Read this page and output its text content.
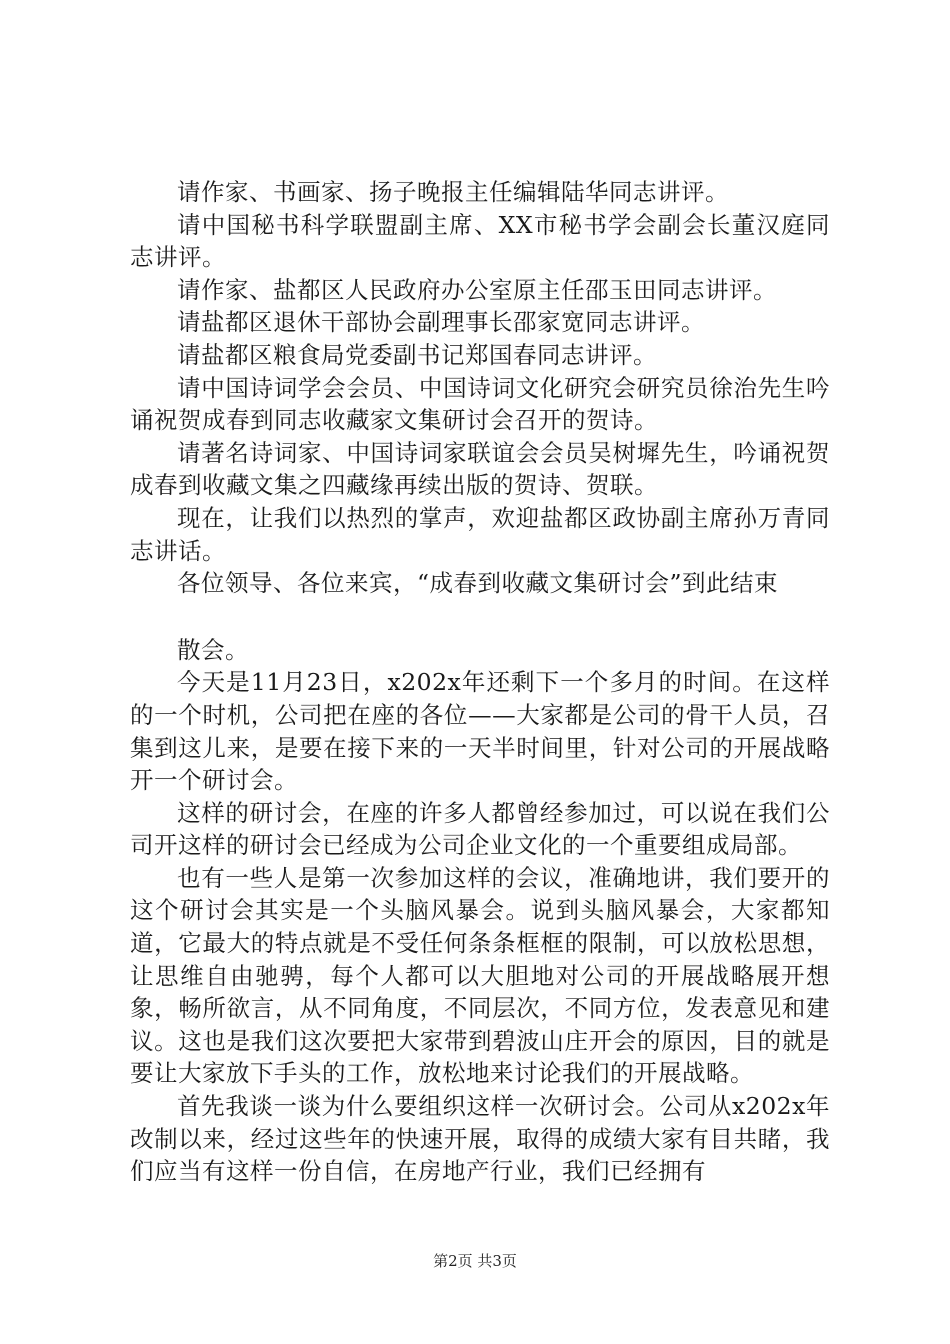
请作家、书画家、扬子晚报主任编辑陆华同志讲评。

请中国秘书科学联盟副主席、XX市秘书学会副会长董汉庭同志讲评。

请作家、盐都区人民政府办公室原主任邵玉田同志讲评。

请盐都区退休干部协会副理事长邵家宽同志讲评。

请盐都区粮食局党委副书记郑国春同志讲评。

请中国诗词学会会员、中国诗词文化研究会研究员徐治先生吟诵祝贺成春到同志收藏家文集研讨会召开的贺诗。

请著名诗词家、中国诗词家联谊会会员吴树墀先生，吟诵祝贺成春到收藏文集之四藏缘再续出版的贺诗、贺联。

现在，让我们以热烈的掌声，欢迎盐都区政协副主席孙万青同志讲话。

各位领导、各位来宾，“成春到收藏文集研讨会”到此结束

散会。

今天是11月23日，x202x年还剩下一个多月的时间。在这样的一个时机，公司把在座的各位——大家都是公司的骨干人员，召集到这儿来，是要在接下来的一天半时间里，针对公司的开展战略开一个研讨会。

这样的研讨会，在座的许多人都曾经参加过，可以说在我们公司开这样的研讨会已经成为公司企业文化的一个重要组成局部。

也有一些人是第一次参加这样的会议，准确地讲，我们要开的这个研讨会其实是一个头脑风暴会。说到头脑风暴会，大家都知道，它最大的特点就是不受任何条条框框的限制，可以放松思想，让思维自由驰骋，每个人都可以大胆地对公司的开展战略展开想象，畅所欲言，从不同角度，不同层次，不同方位，发表意见和建议。这也是我们这次要把大家带到碧波山庄开会的原因，目的就是要让大家放下手头的工作，放松地来讨论我们的开展战略。

首先我谈一谈为什么要组织这样一次研讨会。公司从x202x年改制以来，经过这些年的快速开展，取得的成绩大家有目共睹，我们应当有这样一份自信，在房地产行业，我们已经拥有

第2页 共3页
